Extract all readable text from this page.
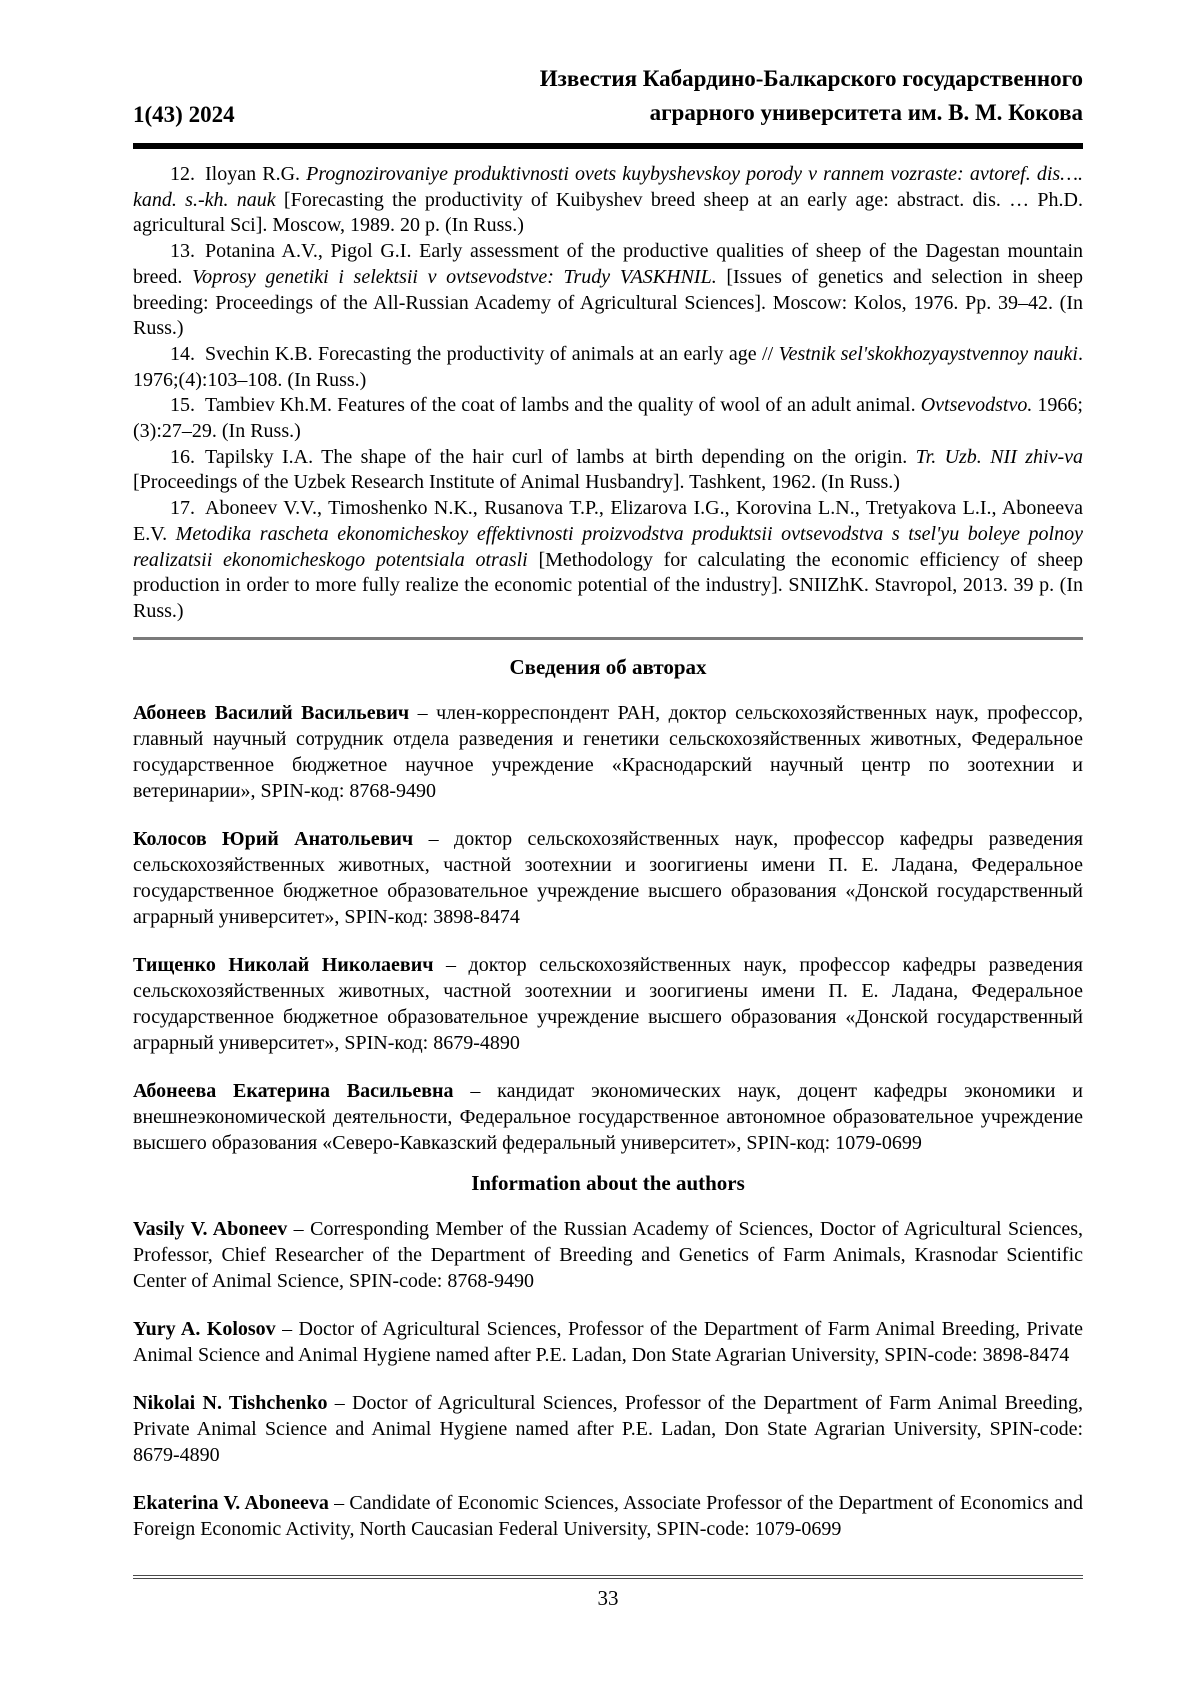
1(43) 2024
Известия Кабардино-Балкарского государственного
аграрного университета им. В. М. Кокова

12. Iloyan R.G. Prognozirovaniye produktivnosti ovets kuybyshevskoy porody v rannem vozraste: avtoref. dis…. kand. s.-kh. nauk [Forecasting the productivity of Kuibyshev breed sheep at an early age: abstract. dis. … Ph.D. agricultural Sci]. Moscow, 1989. 20 p. (In Russ.)

13. Potanina A.V., Pigol G.I. Early assessment of the productive qualities of sheep of the Dagestan mountain breed. Voprosy genetiki i selektsii v ovtsevodstve: Trudy VASKHNIL. [Issues of genetics and selection in sheep breeding: Proceedings of the All-Russian Academy of Agricultural Sciences]. Moscow: Kolos, 1976. Pp. 39–42. (In Russ.)

14. Svechin K.B. Forecasting the productivity of animals at an early age // Vestnik sel'skokhozyaystvennoy nauki. 1976;(4):103–108. (In Russ.)

15. Tambiev Kh.M. Features of the coat of lambs and the quality of wool of an adult animal. Ovtsevodstvo. 1966;(3):27–29. (In Russ.)

16. Tapilsky I.A. The shape of the hair curl of lambs at birth depending on the origin. Tr. Uzb. NII zhiv-va [Proceedings of the Uzbek Research Institute of Animal Husbandry]. Tashkent, 1962. (In Russ.)

17. Aboneev V.V., Timoshenko N.K., Rusanova T.P., Elizarova I.G., Korovina L.N., Tretyakova L.I., Aboneeva E.V. Metodika rascheta ekonomicheskoy effektivnosti proizvodstva produktsii ovtsevodstva s tsel'yu boleye polnoy realizatsii ekonomicheskogo potentsiala otrasli [Methodology for calculating the economic efficiency of sheep production in order to more fully realize the economic potential of the industry]. SNIIZhK. Stavropol, 2013. 39 p. (In Russ.)

Сведения об авторах

Абонеев Василий Васильевич – член-корреспондент РАН, доктор сельскохозяйственных наук, профессор, главный научный сотрудник отдела разведения и генетики сельскохозяйственных животных, Федеральное государственное бюджетное научное учреждение «Краснодарский научный центр по зоотехнии и ветеринарии», SPIN-код: 8768-9490

Колосов Юрий Анатольевич – доктор сельскохозяйственных наук, профессор кафедры разведения сельскохозяйственных животных, частной зоотехнии и зоогигиены имени П. Е. Ладана, Федеральное государственное бюджетное образовательное учреждение высшего образования «Донской государственный аграрный университет», SPIN-код: 3898-8474

Тищенко Николай Николаевич – доктор сельскохозяйственных наук, профессор кафедры разведения сельскохозяйственных животных, частной зоотехнии и зоогигиены имени П. Е. Ладана, Федеральное государственное бюджетное образовательное учреждение высшего образования «Донской государственный аграрный университет», SPIN-код: 8679-4890

Абонеева Екатерина Васильевна – кандидат экономических наук, доцент кафедры экономики и внешнеэкономической деятельности, Федеральное государственное автономное образовательное учреждение высшего образования «Северо-Кавказский федеральный университет», SPIN-код: 1079-0699

Information about the authors

Vasily V. Aboneev – Corresponding Member of the Russian Academy of Sciences, Doctor of Agricultural Sciences, Professor, Chief Researcher of the Department of Breeding and Genetics of Farm Animals, Krasnodar Scientific Center of Animal Science, SPIN-code: 8768-9490

Yury A. Kolosov – Doctor of Agricultural Sciences, Professor of the Department of Farm Animal Breeding, Private Animal Science and Animal Hygiene named after P.E. Ladan, Don State Agrarian University, SPIN-code: 3898-8474

Nikolai N. Tishchenko – Doctor of Agricultural Sciences, Professor of the Department of Farm Animal Breeding, Private Animal Science and Animal Hygiene named after P.E. Ladan, Don State Agrarian University, SPIN-code: 8679-4890

Ekaterina V. Aboneeva – Candidate of Economic Sciences, Associate Professor of the Department of Economics and Foreign Economic Activity, North Caucasian Federal University, SPIN-code: 1079-0699

33
